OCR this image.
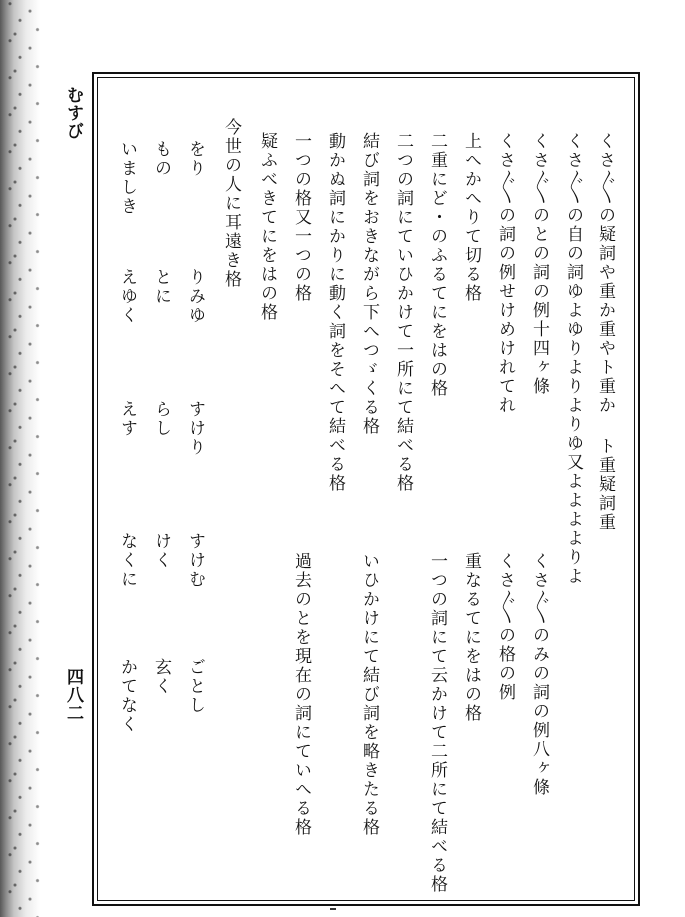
むすび
四八二
くさ〴〵の疑詞や重か重やト重か ト重疑詞重
くさ〴〵の自の詞ゆよゆりよりよりゆ又よよよよりよ
くさ〴〵のとの詞の例十四ヶ條
くさ〴〵の詞の例せけめけれてれ
上へかへりて切る格
二重にど・のふるてにをはの格
二つの詞にていひかけて一所にて結べる格
結び詞をおきながら下へつゞくる格
動かぬ詞にかりに動く詞をそへて結べる格
一つの格又一つの格
疑ふべきてにをはの格
今世の人に耳遠き格
くさ〴〵のみの詞の例八ヶ條
くさ〴〵の格の例
重なるてにをはの格
一つの詞にて云かけて二所にて結べる格
いひかけにて結び詞を略きたる格
過去のとを現在の詞にていへる格
をり
りみゆ
すけり
すけむ
ごとし
もの
とに
らし
けく
玄く
いましき
えゆく
えす
なくに
かてなく
